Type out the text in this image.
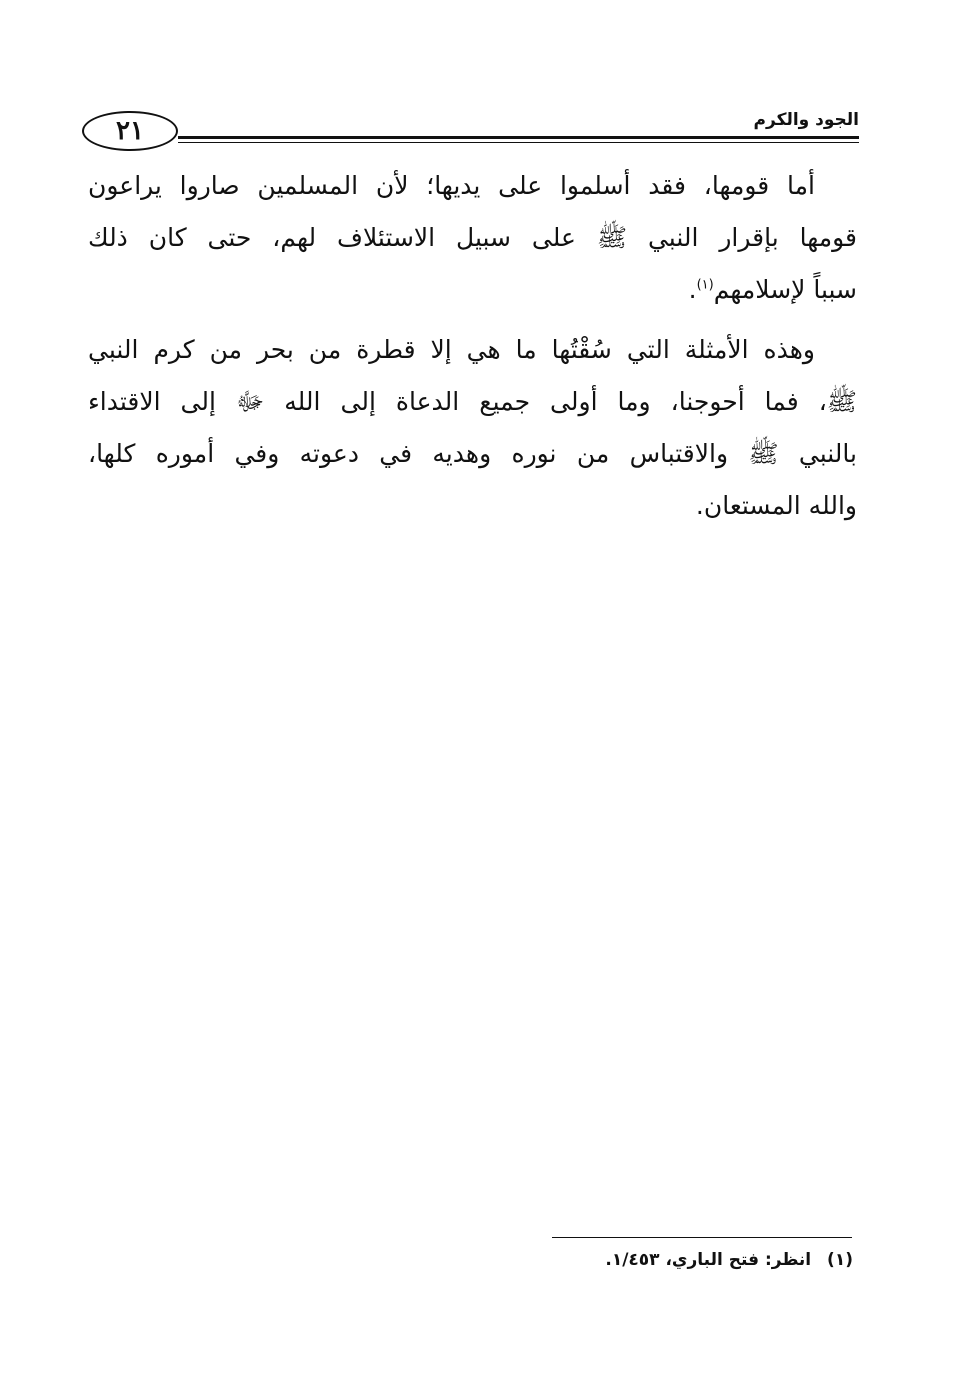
٢١	الجود والكرم

أما قومها، فقد أسلموا على يديها؛ لأن المسلمين صاروا يراعون
قومها بإقرار النبي ﷺ على سبيل الاستئلاف لهم، حتى كان ذلك
سبباً لإسلامهم$^{(١)}$.

وهذه الأمثلة التي سُقْتُها ما هي إلا قطرة من بحر من كرم النبي
ﷺ، فما أحوجنا، وما أولى جميع الدعاة إلى الله ﷻ إلى الاقتداء
بالنبي ﷺ والاقتباس من نوره وهديه في دعوته وفي أموره كلها،
والله المستعان.

(١) انظر: فتح الباري، ١/٤٥٣.
